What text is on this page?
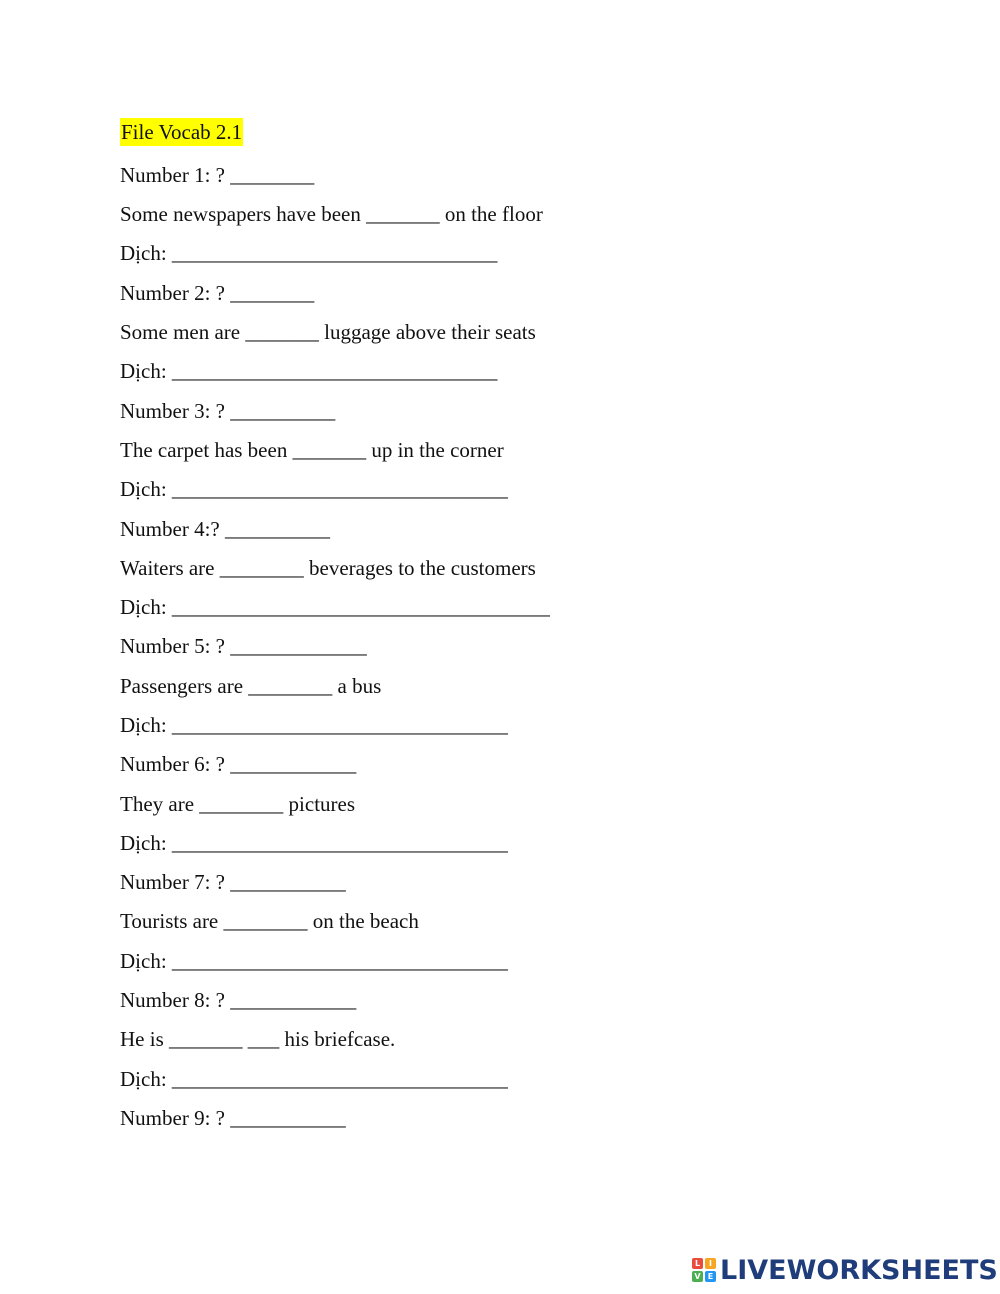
File Vocab 2.1
Number 1: ? ________
Some newspapers have been _______ on the floor
Dịch: _______________________________
Number 2: ? ________
Some men are _______ luggage above their seats
Dịch: _______________________________
Number 3: ? __________
The carpet has been _______ up in the corner
Dịch: ________________________________
Number 4:? __________
Waiters are ________ beverages to the customers
Dịch: ____________________________________
Number 5: ? _____________
Passengers are ________ a bus
Dịch: ________________________________
Number 6: ? ____________
They are ________ pictures
Dịch: ________________________________
Number 7: ? ___________
Tourists are ________ on the beach
Dịch: ________________________________
Number 8: ? ____________
He is _______ ___ his briefcase.
Dịch: ________________________________
Number 9: ? ___________
L	I
V E LIVEWORKSHEETS
